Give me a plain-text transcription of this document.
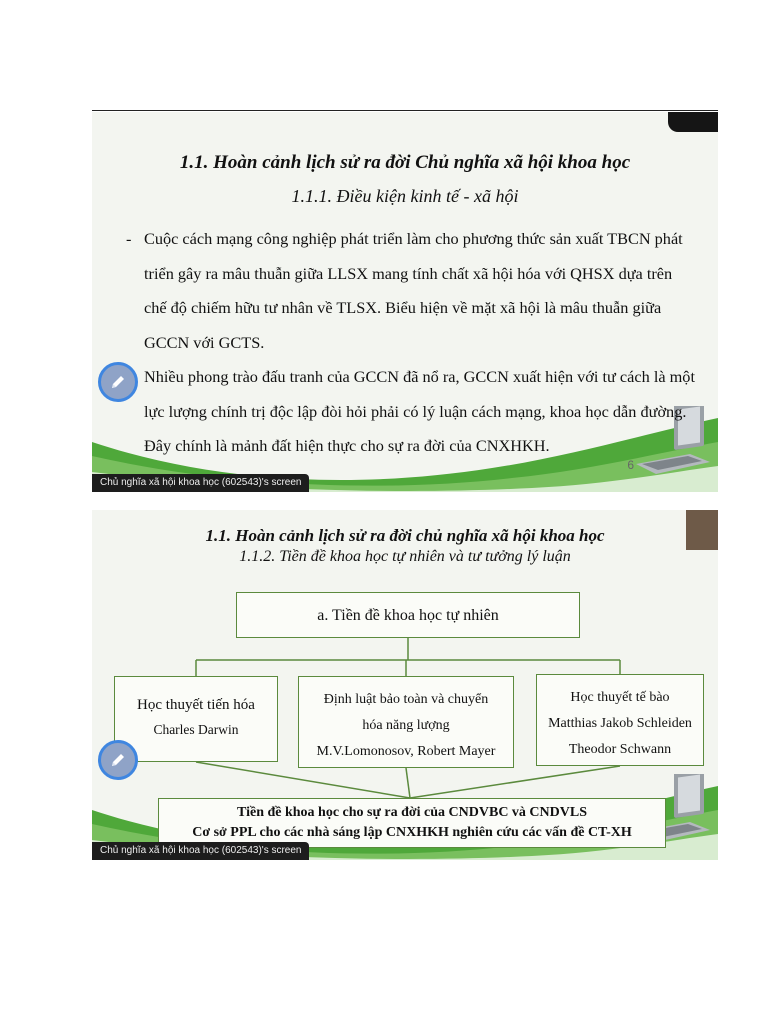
1.1. Hoàn cảnh lịch sử ra đời Chủ nghĩa xã hội khoa học
1.1.1. Điều kiện kinh tế - xã hội
- Cuộc cách mạng công nghiệp phát triển làm cho phương thức sản xuất TBCN phát triển gây ra mâu thuẫn giữa LLSX mang tính chất xã hội hóa với QHSX dựa trên chế độ chiếm hữu tư nhân về TLSX. Biểu hiện về mặt xã hội là mâu thuẫn giữa GCCN với GCTS.
Nhiều phong trào đấu tranh của GCCN đã nổ ra, GCCN xuất hiện với tư cách là một lực lượng chính trị độc lập đòi hỏi phải có lý luận cách mạng, khoa học dẫn đường. Đây chính là mảnh đất hiện thực cho sự ra đời của CNXHKH.
6
Chủ nghĩa xã hội khoa học (602543)'s screen
1.1. Hoàn cảnh lịch sử ra đời chủ nghĩa xã hội khoa học
1.1.2. Tiền đề khoa học tự nhiên và tư tưởng lý luận
a. Tiền đề khoa học tự nhiên
Học thuyết tiến hóa
Charles Darwin
Định luật bảo toàn và chuyển
hóa năng lượng
M.V.Lomonosov, Robert Mayer
Học thuyết tế bào
Matthias Jakob Schleiden
Theodor Schwann
Tiền đề khoa học cho sự ra đời của CNDVBC và CNDVLS
Cơ sở PPL cho các nhà sáng lập CNXHKH nghiên cứu các vấn đề CT-XH
Chủ nghĩa xã hội khoa học (602543)'s screen
